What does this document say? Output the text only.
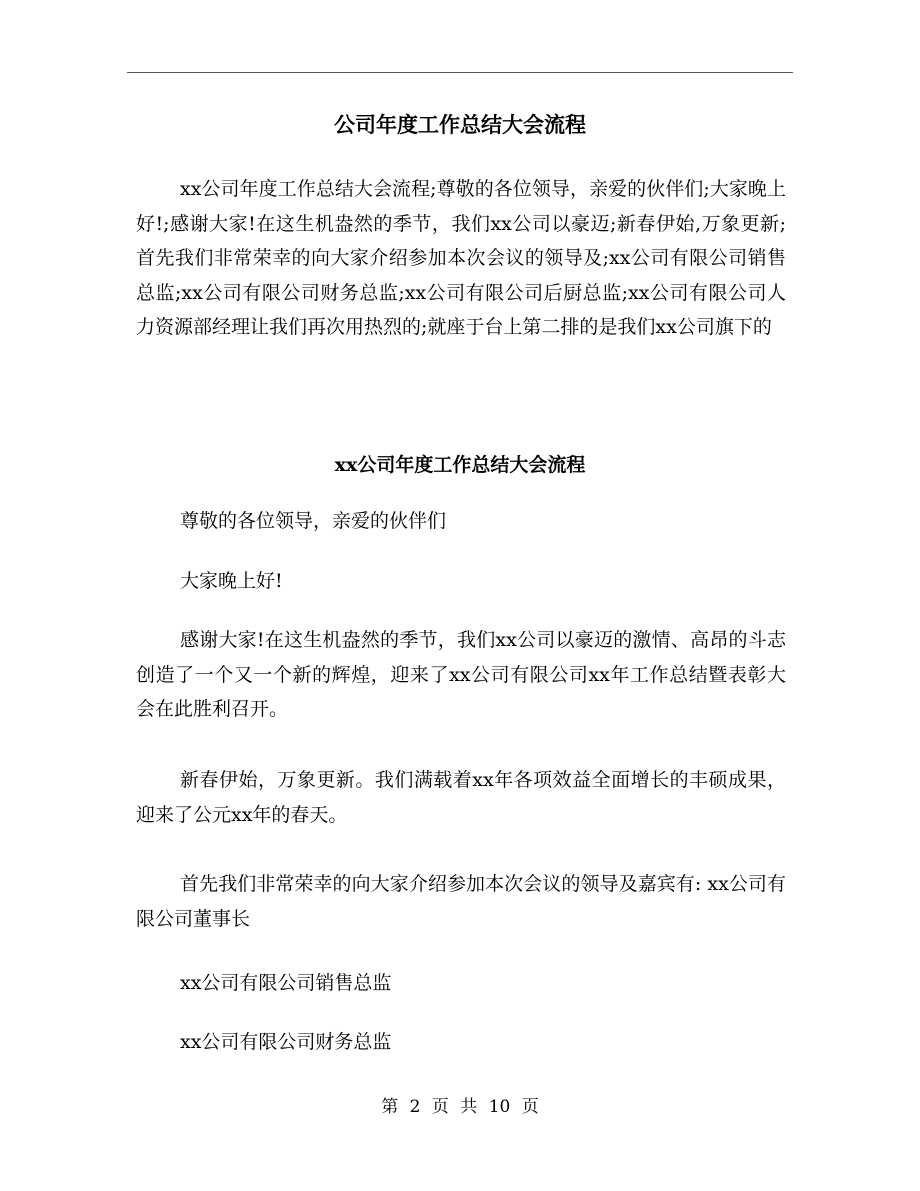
公司年度工作总结大会流程

xx公司年度工作总结大会流程;尊敬的各位领导，亲爱的伙伴们;大家晚上好!;感谢大家!在这生机盎然的季节，我们xx公司以豪迈;新春伊始,万象更新;首先我们非常荣幸的向大家介绍参加本次会议的领导及;xx公司有限公司销售总监;xx公司有限公司财务总监;xx公司有限公司后厨总监;xx公司有限公司人力资源部经理让我们再次用热烈的;就座于台上第二排的是我们xx公司旗下的

xx公司年度工作总结大会流程

尊敬的各位领导，亲爱的伙伴们

大家晚上好!

感谢大家!在这生机盎然的季节，我们xx公司以豪迈的激情、高昂的斗志创造了一个又一个新的辉煌，迎来了xx公司有限公司xx年工作总结暨表彰大会在此胜利召开。

新春伊始，万象更新。我们满载着xx年各项效益全面增长的丰硕成果，迎来了公元xx年的春天。

首先我们非常荣幸的向大家介绍参加本次会议的领导及嘉宾有: xx公司有限公司董事长

xx公司有限公司销售总监

xx公司有限公司财务总监

第 2 页 共 10 页
